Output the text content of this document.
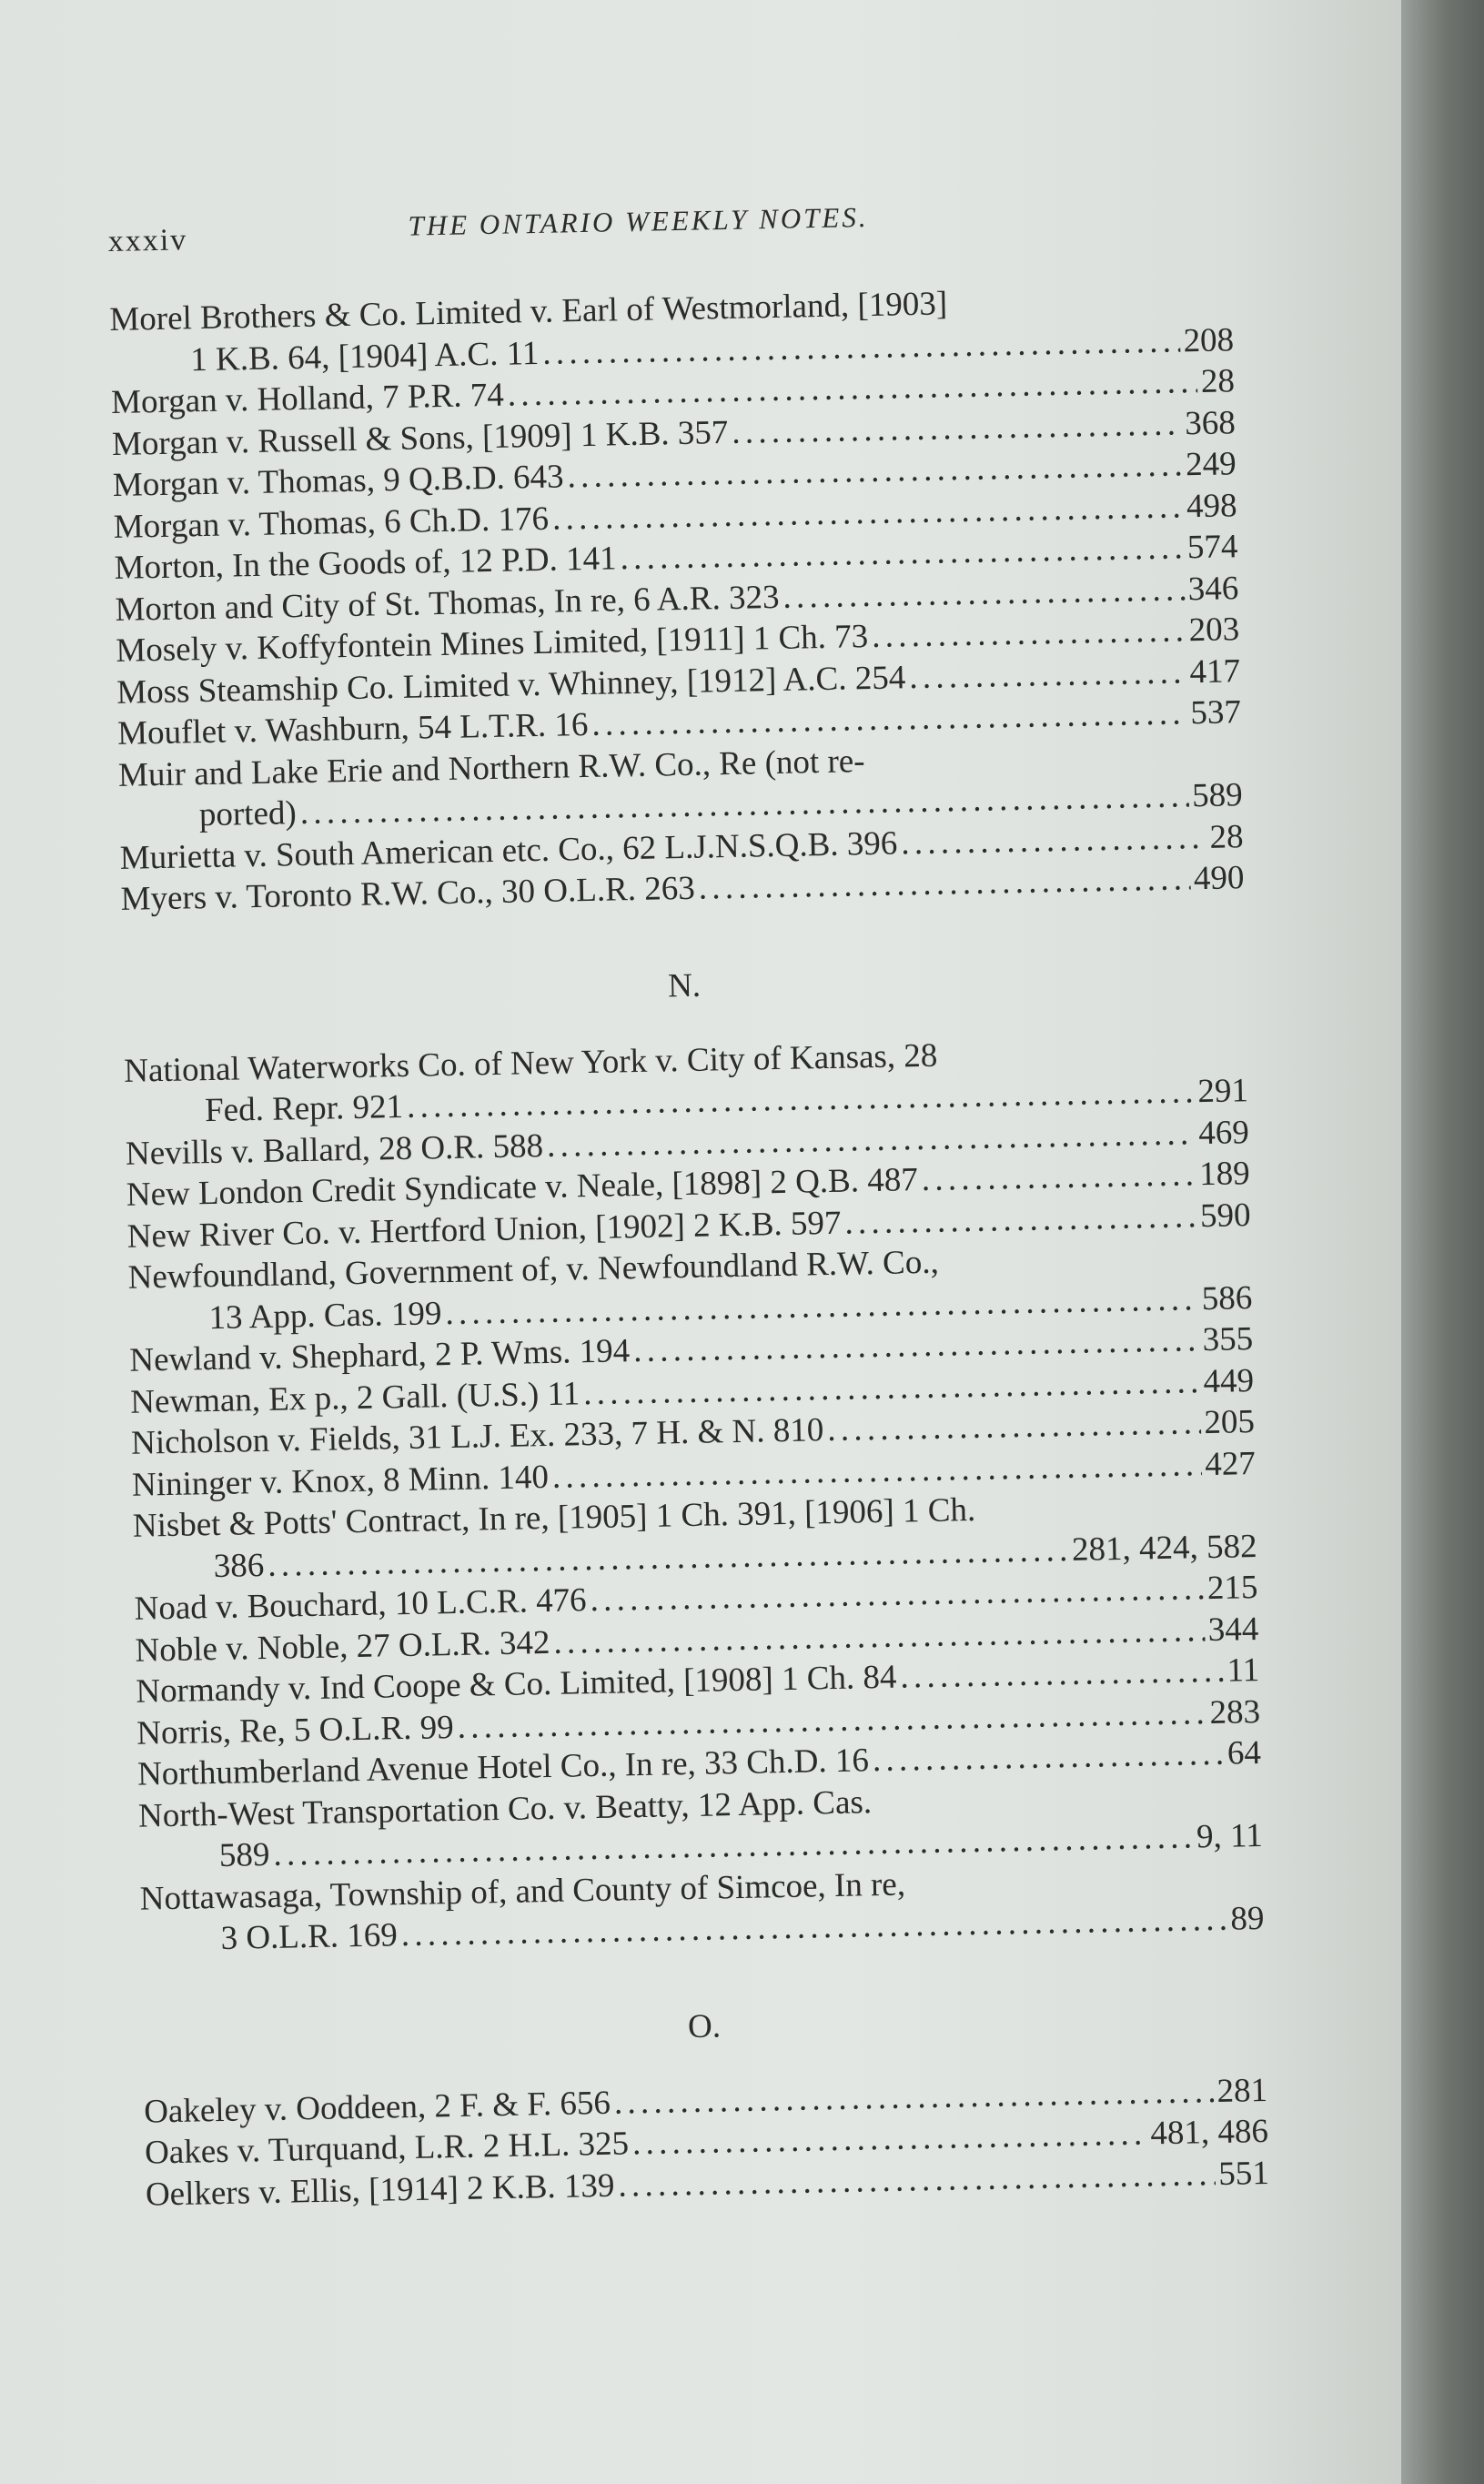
xxxiv	THE ONTARIO WEEKLY NOTES.
Morel Brothers & Co. Limited v. Earl of Westmorland, [1903]
1 K.B. 64, [1904] A.C. 11 . . .	208
Morgan v. Holland, 7 P.R. 74 . . .	28
Morgan v. Russell & Sons, [1909] 1 K.B. 357 . . .	368
Morgan v. Thomas, 9 Q.B.D. 643 . . .	249
Morgan v. Thomas, 6 Ch.D. 176 . . .	498
Morton, In the Goods of, 12 P.D. 141 . . .	574
Morton and City of St. Thomas, In re, 6 A.R. 323 . . .	346
Mosely v. Koffyfontein Mines Limited, [1911] 1 Ch. 73 . . .	203
Moss Steamship Co. Limited v. Whinney, [1912] A.C. 254 . . .	417
Mouflet v. Washburn, 54 L.T.R. 16 . . .	537
Muir and Lake Erie and Northern R.W. Co., Re (not re-
ported) . . .	589
Murietta v. South American etc. Co., 62 L.J.N.S.Q.B. 396 . . .	28
Myers v. Toronto R.W. Co., 30 O.L.R. 263 . . .	490
N.
National Waterworks Co. of New York v. City of Kansas, 28
Fed. Repr. 921 . . .	291
Nevills v. Ballard, 28 O.R. 588 . . .	469
New London Credit Syndicate v. Neale, [1898] 2 Q.B. 487 . . .	189
New River Co. v. Hertford Union, [1902] 2 K.B. 597 . . .	590
Newfoundland, Government of, v. Newfoundland R.W. Co.,
13 App. Cas. 199 . . .	586
Newland v. Shephard, 2 P. Wms. 194 . . .	355
Newman, Ex p., 2 Gall. (U.S.) 11 . . .	449
Nicholson v. Fields, 31 L.J. Ex. 233, 7 H. & N. 810 . . .	205
Nininger v. Knox, 8 Minn. 140 . . .	427
Nisbet & Potts' Contract, In re, [1905] 1 Ch. 391, [1906] 1 Ch.
386 . . .	281, 424, 582
Noad v. Bouchard, 10 L.C.R. 476 . . .	215
Noble v. Noble, 27 O.L.R. 342 . . .	344
Normandy v. Ind Coope & Co. Limited, [1908] 1 Ch. 84 . . .	11
Norris, Re, 5 O.L.R. 99 . . .	283
Northumberland Avenue Hotel Co., In re, 33 Ch.D. 16 . . .	64
North-West Transportation Co. v. Beatty, 12 App. Cas.
589 . . .	9, 11
Nottawasaga, Township of, and County of Simcoe, In re,
3 O.L.R. 169 . . .	89
O.
Oakeley v. Ooddeen, 2 F. & F. 656 . . .	281
Oakes v. Turquand, L.R. 2 H.L. 325 . . .	481, 486
Oelkers v. Ellis, [1914] 2 K.B. 139 . . .	551
